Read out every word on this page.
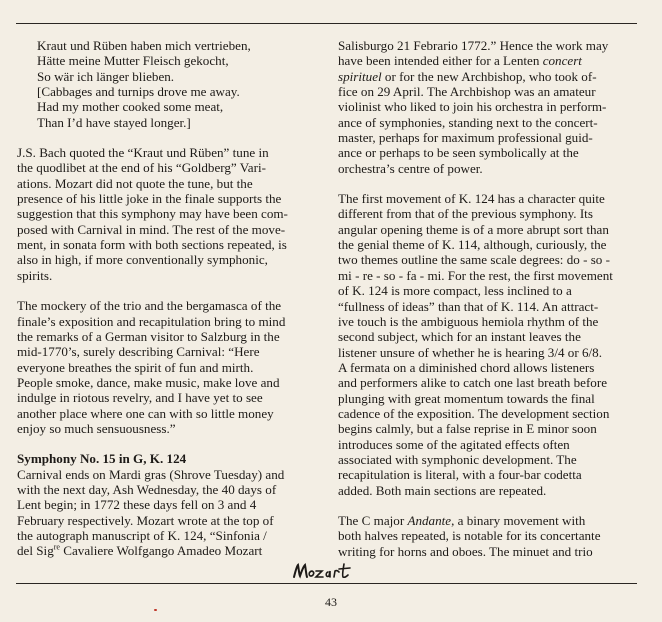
Kraut und Rüben haben mich vertrieben,
Hätte meine Mutter Fleisch gekocht,
So wär ich länger blieben.
[Cabbages and turnips drove me away.
Had my mother cooked some meat,
Than I’d have stayed longer.]

J.S. Bach quoted the “Kraut und Rüben” tune in
the quodlibet at the end of his “Goldberg” Vari-
ations. Mozart did not quote the tune, but the
presence of his little joke in the finale supports the
suggestion that this symphony may have been com-
posed with Carnival in mind. The rest of the move-
ment, in sonata form with both sections repeated, is
also in high, if more conventionally symphonic,
spirits.

The mockery of the trio and the bergamasca of the
finale’s exposition and recapitulation bring to mind
the remarks of a German visitor to Salzburg in the
mid-1770’s, surely describing Carnival: “Here
everyone breathes the spirit of fun and mirth.
People smoke, dance, make music, make love and
indulge in riotous revelry, and I have yet to see
another place where one can with so little money
enjoy so much sensuousness.”

Symphony No. 15 in G, K. 124

Carnival ends on Mardi gras (Shrove Tuesday) and
with the next day, Ash Wednesday, the 40 days of
Lent begin; in 1772 these days fell on 3 and 4
February respectively. Mozart wrote at the top of
the autograph manuscript of K. 124, “Sinfonia /
del Sig$^{re}$ Cavaliere Wolfgango Amadeo Mozart

Salisburgo 21 Febrario 1772.” Hence the work may
have been intended either for a Lenten concert
spirituel or for the new Archbishop, who took of-
fice on 29 April. The Archbishop was an amateur
violinist who liked to join his orchestra in perform-
ance of symphonies, standing next to the concert-
master, perhaps for maximum professional guid-
ance or perhaps to be seen symbolically at the
orchestra’s centre of power.

The first movement of K. 124 has a character quite
different from that of the previous symphony. Its
angular opening theme is of a more abrupt sort than
the genial theme of K. 114, although, curiously, the
two themes outline the same scale degrees: do - so -
mi - re - so - fa - mi. For the rest, the first movement
of K. 124 is more compact, less inclined to a
“fullness of ideas” than that of K. 114. An attract-
ive touch is the ambiguous hemiola rhythm of the
second subject, which for an instant leaves the
listener unsure of whether he is hearing 3/4 or 6/8.
A fermata on a diminished chord allows listeners
and performers alike to catch one last breath before
plunging with great momentum towards the final
cadence of the exposition. The development section
begins calmly, but a false reprise in E minor soon
introduces some of the agitated effects often
associated with symphonic development. The
recapitulation is literal, with a four-bar codetta
added. Both main sections are repeated.

The C major Andante, a binary movement with
both halves repeated, is notable for its concertante
writing for horns and oboes. The minuet and trio

43
